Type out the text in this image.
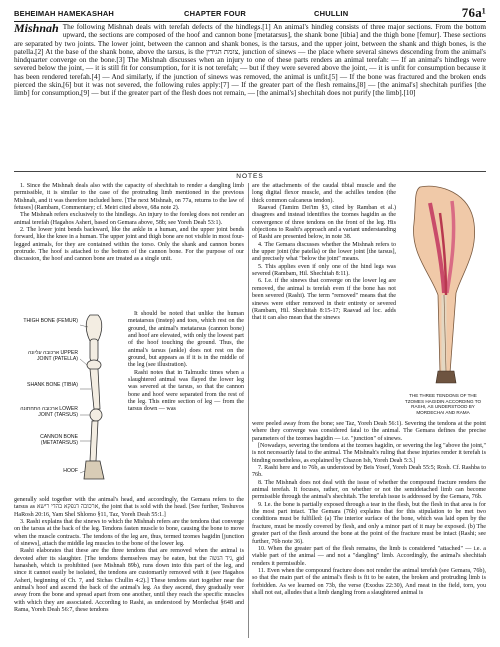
BEHEIMAH HAMEKASHAH	CHAPTER FOUR	CHULLIN	76a¹
Mishnah The following Mishnah deals with terefah defects of the hindlegs.[1] An animal's hindleg consists of three major sections. From the bottom upward, the sections are composed of the hoof and cannon bone [metatarsus], the shank bone [tibia] and the thigh bone [femur]. These sections are separated by two joints. The lower joint, between the cannon and shank bones, is the tarsus, and the upper joint, between the shank and thigh bones, is the patella.[2] At the base of the shank bone, above the tarsus, is the צומת הגידין, junction of sinews — the place where several sinews descending from the animal's hindquarter converge on the bone.[3] The Mishnah discusses when an injury to one of these parts renders an animal terefah: — If an animal's hindlegs were severed below the joint, — it is still fit for consumption, for it is not terefah; — but if they were severed above the joint, — it is unfit for consumption because it has been rendered terefah.[4] — And similarly, if the junction of sinews was removed, the animal is unfit.[5] — If the bone was fractured and the broken ends pierced the skin,[6] but it was not severed, the following rules apply:[7] — If the greater part of the flesh remains,[8] — [the animal's] shechitah purifies [the limb] for consumption,[9] — but if the greater part of the flesh does not remain, — [the animal's] shechitah does not purify [the limb].[10]
NOTES

1. Since the Mishnah deals also with the capacity of shechitah to render a dangling limb permissible, it is similar to the case of the protruding limb mentioned in the previous Mishnah, and it was therefore included here. [The next Mishnah, on 77a, returns to the law of fetuses] (Rambam, Commentary; cf. Meiri cited above, 68a note 2).

The Mishnah refers exclusively to the hindlegs. An injury to the foreleg does not render an animal terefah (Hagahos Asheri, based on Gemara above, 58b; see Yoreh Deah 53:1).

2. The lower joint bends backward, like the ankle in a human, and the upper joint bends forward, like the knee in a human. The upper joint and thigh bone are not visible in most four-legged animals, for they are contained within the torso. Only the shank and cannon bones protrude. The hoof is attached to the bottom of the cannon bone. For the purpose of our discussion, the hoof and cannon bone are treated as a single unit.

THIGH BONE (FEMUR)
ארכובה עליונה UPPER JOINT (PATELLA)
SHANK BONE (TIBIA)
ארכובה התחתונה LOWER JOINT (TARSUS)
CANNON BONE (METATARSUS)
HOOF

It should be noted that unlike the human metatarsus (instep) and toes, which rest on the ground, the animal's metatarsus (cannon bone) and hoof are elevated, with only the lowest part of the hoof touching the ground. Thus, the animal's tarsus (ankle) does not rest on the ground, but appears as if it is in the middle of the leg (see illustration).

Rashi notes that in Talmudic times when a slaughtered animal was flayed the lower leg was severed at the tarsus, so that the cannon bone and hoof were separated from the rest of the leg. This entire section of leg — from the tarsus down — was

generally sold together with the animal's head, and accordingly, the Gemara refers to the tarsus as ארכובה דנפקא בהדי רישא, the joint that is sold with the head. [See further, Teshuvos HaRosh 20:16, Yam Shel Shlomo §11, Taz, Yoreh Deah 55:1.]

3. Rashi explains that the sinews to which the Mishnah refers are the tendons that converge on the tarsus at the back of the leg. Tendons fasten muscle to bone, causing the bone to move when the muscle contracts. The tendons of the leg are, thus, termed tzomes hagidin [junction of sinews], attach the middle leg muscles to the bone of the lower leg.

Rashi elaborates that these are the three tendons that are removed when the animal is devoted after its slaughter. [The tendons themselves may be eaten, but the גיד הנשה, gid hanasheh, which is prohibited (see Mishnah 89b), runs down into this part of the leg, and since it cannot easily be isolated, the tendons are customarily removed with it (see Hagahos Asheri, beginning of Ch. 7, and Sichas Chullin 4:2).] These tendons start together near the animal's hoof and ascend the back of the animal's leg. As they ascend, they gradually veer away from the bone and spread apart from one another, until they reach the specific muscles with which they are associated. According to Rashi, as understood by Mordechai §648 and Rama, Yoreh Deah 56:7, these tendons

are the attachments of the caudal tibial muscle and the long digital flexor muscle, and the achilles tendon (the thick common calcaneus tendon).

Raavad (Tamim Dei'im §3, cited by Ramban et al.) disagrees and instead identifies the tzomes hagidin as the convergence of three tendons on the front of the leg. His objections to Rashi's approach and a variant understanding of Rashi are presented below, in note 38.

4. The Gemara discusses whether the Mishnah refers to the upper joint (the patella) or the lower joint [the tarsus], and precisely what "below the joint" means.

5. This applies even if only one of the hind legs was severed (Rambam, Hil. Shechitah 8:11).

6. I.e. if the sinews that converge on the lower leg are removed, the animal is terefah even if the bone has not been severed (Rashi). The term "removed" means that the sinews were either removed in their entirety or severed (Rambam, Hil. Shechitah 8:15-17; Raavad ad loc. adds that it can also mean that the sinews

THE THREE TENDONS OF THE TZOMES HAGIDIN ACCORDING TO RASHI, AS UNDERSTOOD BY MORDECHAI AND RAMA

were peeled away from the bone; see Taz, Yoreh Deah 56:1). Severing the tendons at the point where they converge was considered fatal to the animal. The Gemara defines the precise parameters of the tzomes hagidin — i.e. "junction" of sinews.

[Nowadays, severing the tendons at the tzomes hagidin, or severing the leg "above the joint," is not necessarily fatal to the animal. The Mishnah's ruling that these injuries render it terefah is binding nonetheless, as explained by Chazon Ish, Yoreh Deah 5:3.]

7. Rashi here and to 76b, as understood by Beis Yosef, Yoreh Deah 55:5; Rosh. Cf. Rashba to 76b.

8. The Mishnah does not deal with the issue of whether the compound fracture renders the animal terefah. It focuses, rather, on whether or not the semidetached limb can become permissible through the animal's shechitah. The terefah issue is addressed by the Gemara, 76b.

9. I.e. the bone is partially exposed through a tear in the flesh, but the flesh in that area is for the most part intact. The Gemara (76b) explains that for this stipulation to be met two conditions must be fulfilled: (a) The interior surface of the bone, which was laid open by the fracture, must be mostly covered by flesh, and only a minor part of it may be exposed. (b) The greater part of the flesh around the bone at the point of the fracture must be intact (Rashi; see further, 76b note 36).

10. When the greater part of the flesh remains, the limb is considered "attached" — i.e. a viable part of the animal — and not a "dangling" limb. Accordingly, the animal's shechitah renders it permissible.

11. Even when the compound fracture does not render the animal terefah (see Gemara, 76b), so that the main part of the animal's flesh is fit to be eaten, the broken and protruding limb is forbidden. As we learned on 73b, the verse (Exodus 22:30), And meat in the field, torn, you shall not eat, alludes that a limb dangling from a slaughtered animal is
